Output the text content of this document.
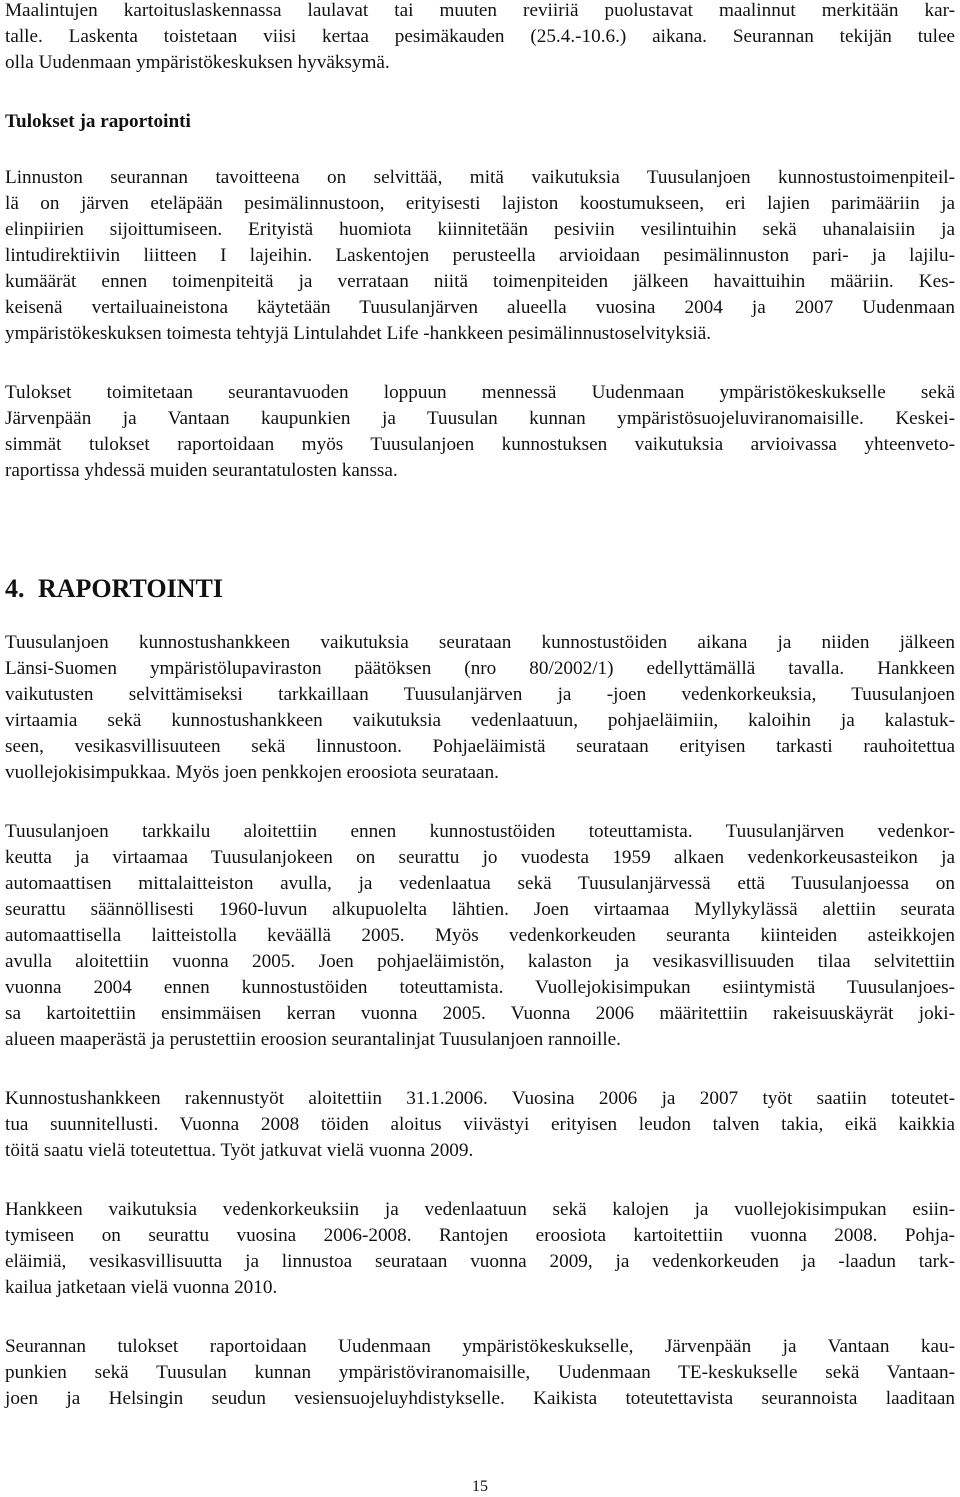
Maalintujen kartoituslaskennassa laulavat tai muuten reviiriä puolustavat maalinnut merkitään kar-
talle. Laskenta toistetaan viisi kertaa pesimäkauden (25.4.-10.6.) aikana. Seurannan tekijän tulee
olla Uudenmaan ympäristökeskuksen hyväksymä.
Tulokset ja raportointi
Linnuston seurannan tavoitteena on selvittää, mitä vaikutuksia Tuusulanjoen kunnostustoimenpiteil-
lä on järven eteläpään pesimälinnustoon, erityisesti lajiston koostumukseen, eri lajien parimääriin ja
elinpiirien sijoittumiseen. Erityistä huomiota kiinnitetään pesiviin vesilintuihin sekä uhanalaisiin ja
lintudirektiivin liitteen I lajeihin. Laskentojen perusteella arvioidaan pesimälinnuston pari- ja lajilu-
kumäärät ennen toimenpiteitä ja verrataan niitä toimenpiteiden jälkeen havaittuihin määriin. Kes-
keisenä vertailuaineistona käytetään Tuusulanjärven alueella vuosina 2004 ja 2007 Uudenmaan
ympäristökeskuksen toimesta tehtyjä Lintulahdet Life -hankkeen pesimälinnustoselvityksiä.
Tulokset toimitetaan seurantavuoden loppuun mennessä Uudenmaan ympäristökeskukselle sekä
Järvenpään ja Vantaan kaupunkien ja Tuusulan kunnan ympäristösuojeluviranomaisille. Keskei-
simmät tulokset raportoidaan myös Tuusulanjoen kunnostuksen vaikutuksia arvioivassa yhteenveto-
raportissa yhdessä muiden seurantatulosten kanssa.
4. RAPORTOINTI
Tuusulanjoen kunnostushankkeen vaikutuksia seurataan kunnostustöiden aikana ja niiden jälkeen
Länsi-Suomen ympäristölupaviraston päätöksen (nro 80/2002/1) edellyttämällä tavalla. Hankkeen
vaikutusten selvittämiseksi tarkkaillaan Tuusulanjärven ja -joen vedenkorkeuksia, Tuusulanjoen
virtaamia sekä kunnostushankkeen vaikutuksia vedenlaatuun, pohjaeläimiin, kaloihin ja kalastuk-
seen, vesikasvillisuuteen sekä linnustoon. Pohjaeläimistä seurataan erityisen tarkasti rauhoitettua
vuollejokisimpukkaa. Myös joen penkkojen eroosiota seurataan.
Tuusulanjoen tarkkailu aloitettiin ennen kunnostustöiden toteuttamista. Tuusulanjärven vedenkor-
keutta ja virtaamaa Tuusulanjokeen on seurattu jo vuodesta 1959 alkaen vedenkorkeusasteikon ja
automaattisen mittalaitteiston avulla, ja vedenlaatua sekä Tuusulanjärvessä että Tuusulanjoessa on
seurattu säännöllisesti 1960-luvun alkupuolelta lähtien. Joen virtaamaa Myllykylässä alettiin seurata
automaattisella laitteistolla keväällä 2005. Myös vedenkorkeuden seuranta kiinteiden asteikkojen
avulla aloitettiin vuonna 2005. Joen pohjaeläimistön, kalaston ja vesikasvillisuuden tilaa selvitettiin
vuonna 2004 ennen kunnostustöiden toteuttamista. Vuollejokisimpukan esiintymistä Tuusulanjoes-
sa kartoitettiin ensimmäisen kerran vuonna 2005. Vuonna 2006 määritettiin rakeisuuskäyrät joki-
alueen maaperästä ja perustettiin eroosion seurantalinjat Tuusulanjoen rannoille.
Kunnostushankkeen rakennustyöt aloitettiin 31.1.2006. Vuosina 2006 ja 2007 työt saatiin toteutet-
tua suunnitellusti. Vuonna 2008 töiden aloitus viivästyi erityisen leudon talven takia, eikä kaikkia
töitä saatu vielä toteutettua. Työt jatkuvat vielä vuonna 2009.
Hankkeen vaikutuksia vedenkorkeuksiin ja vedenlaatuun sekä kalojen ja vuollejokisimpukan esiin-
tymiseen on seurattu vuosina 2006-2008. Rantojen eroosiota kartoitettiin vuonna 2008. Pohja-
eläimiä, vesikasvillisuutta ja linnustoa seurataan vuonna 2009, ja vedenkorkeuden ja -laadun tark-
kailua jatketaan vielä vuonna 2010.
Seurannan tulokset raportoidaan Uudenmaan ympäristökeskukselle, Järvenpään ja Vantaan kau-
punkien sekä Tuusulan kunnan ympäristöviranomaisille, Uudenmaan TE-keskukselle sekä Vantaan-
joen ja Helsingin seudun vesiensuojeluyhdistykselle. Kaikista toteutettavista seurannoista laaditaan
15
